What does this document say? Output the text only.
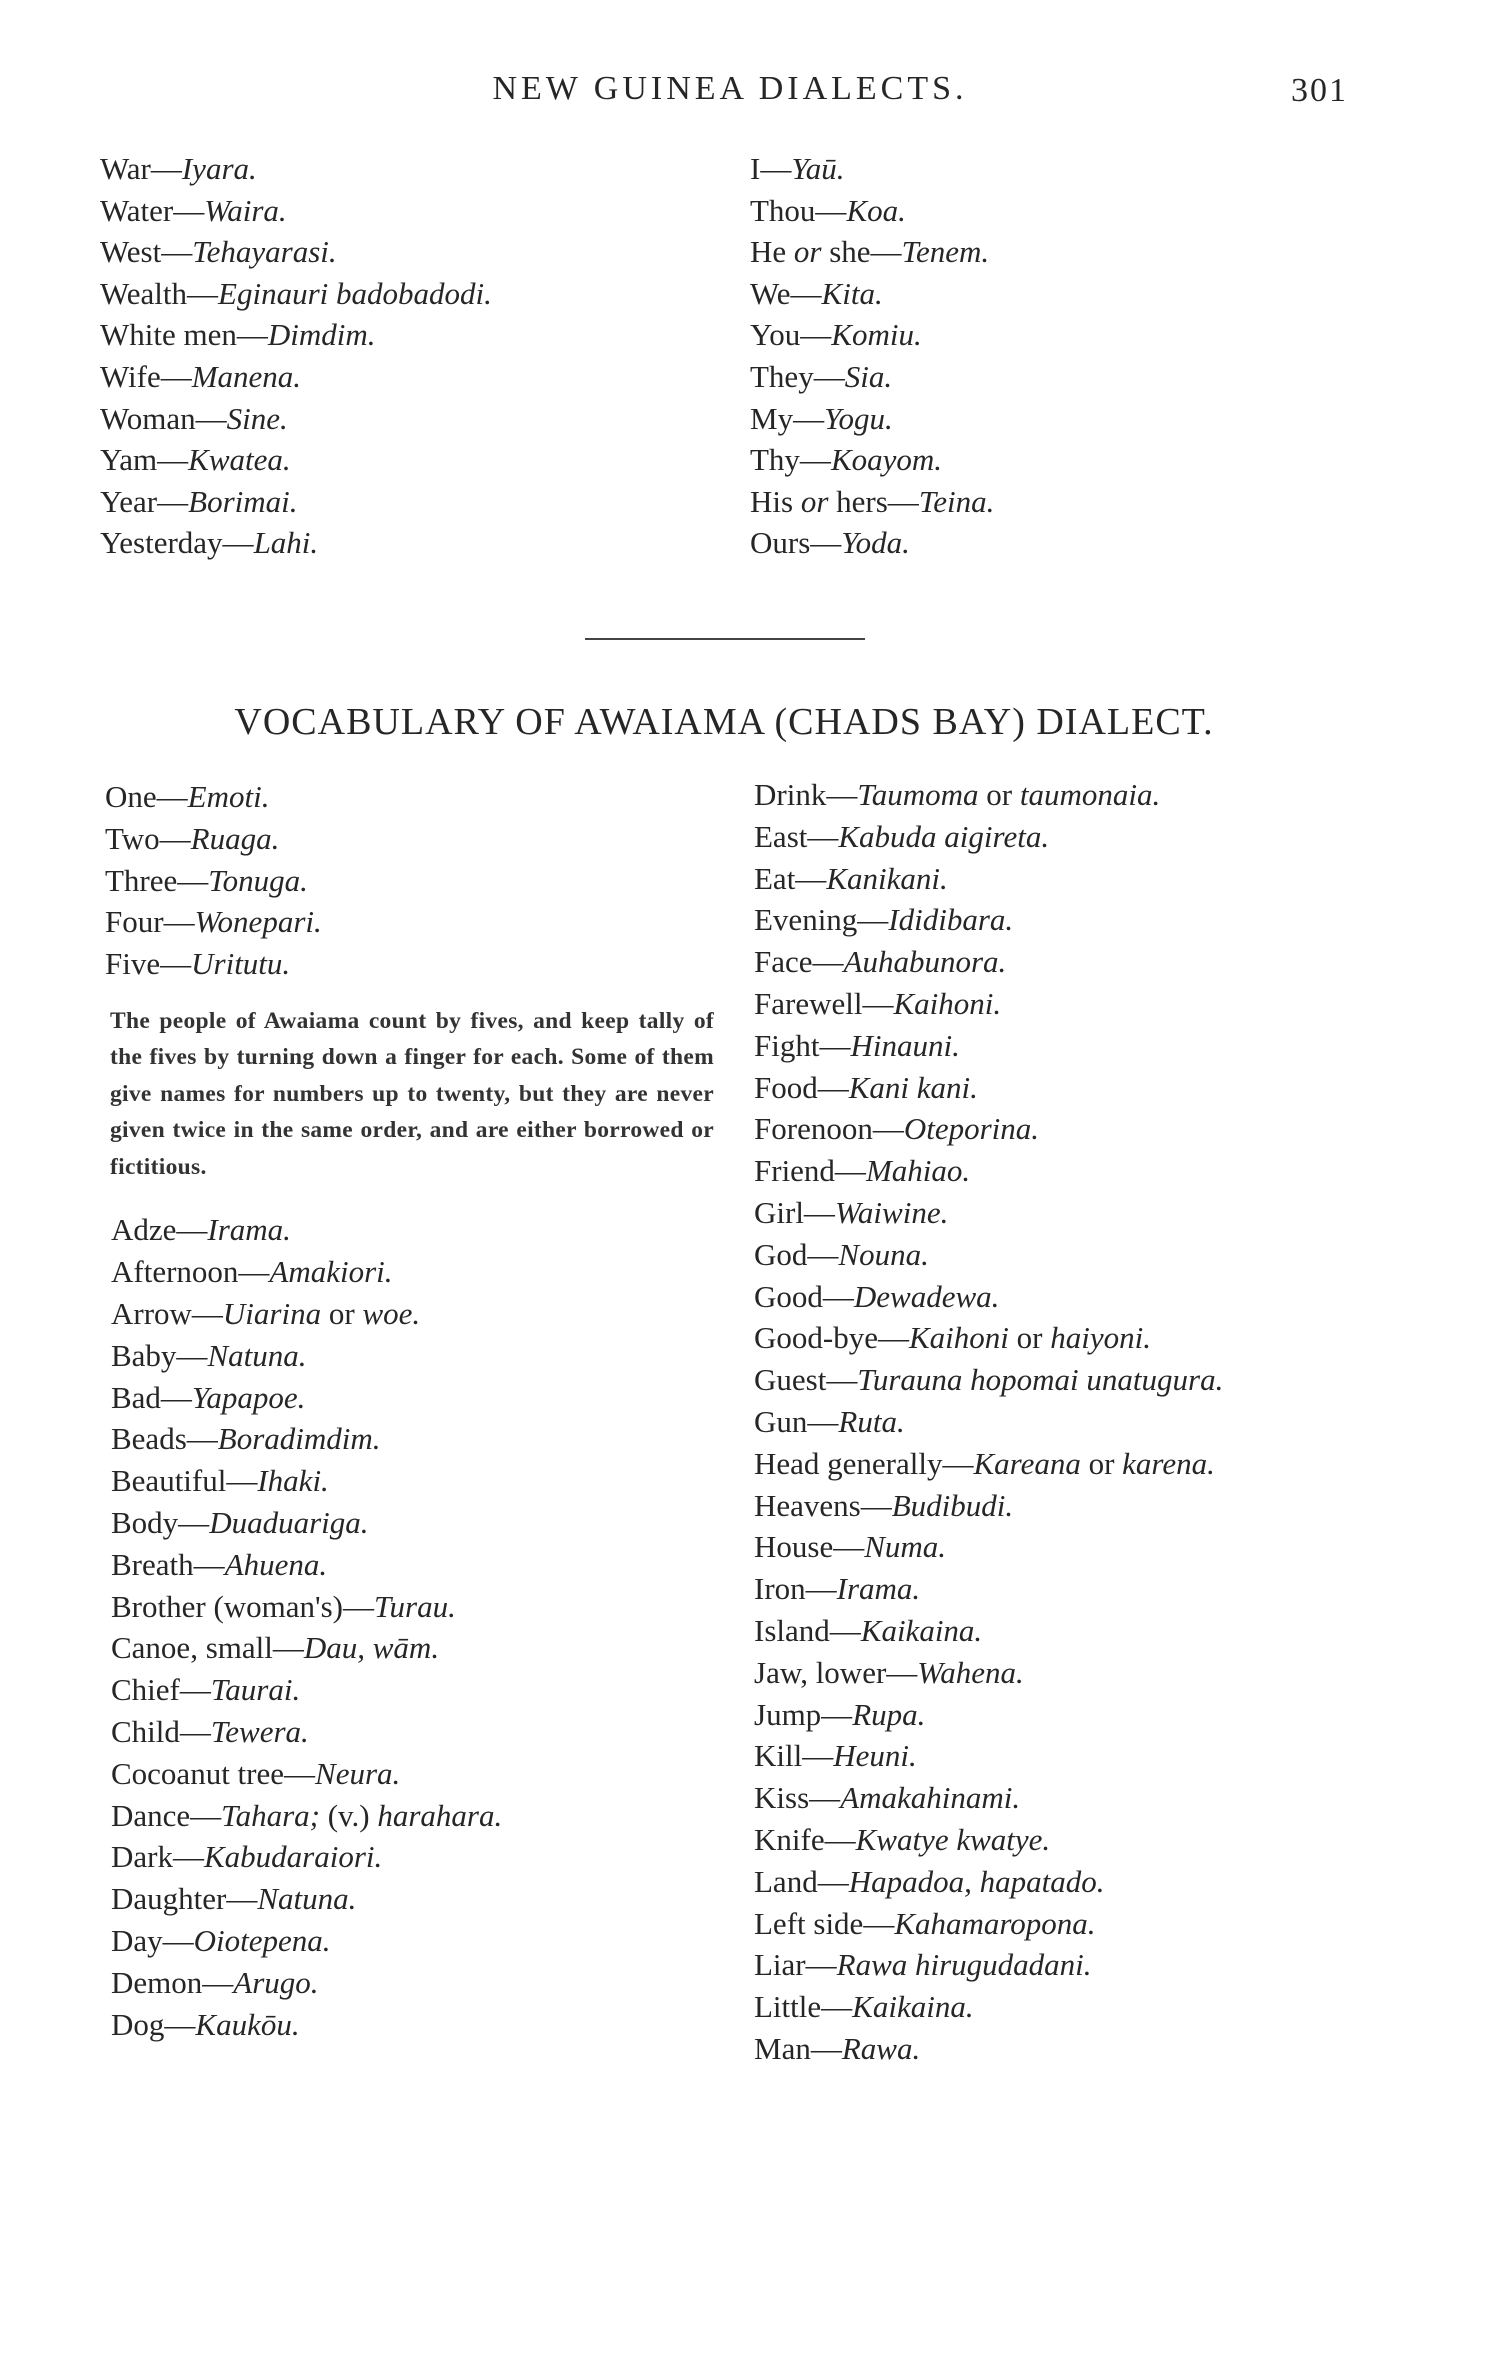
NEW GUINEA DIALECTS.	301
War—Iyara.
Water—Waira.
West—Tehayarasi.
Wealth—Eginauri badobadodi.
White men—Dimdim.
Wife—Manena.
Woman—Sine.
Yam—Kwatea.
Year—Borimai.
Yesterday—Lahi.
I—Yaū.
Thou—Koa.
He or she—Tenem.
We—Kita.
You—Komiu.
They—Sia.
My—Yogu.
Thy—Koayom.
His or hers—Teina.
Ours—Yoda.
VOCABULARY OF AWAIAMA (CHADS BAY) DIALECT.
One—Emoti.
Two—Ruaga.
Three—Tonuga.
Four—Wonepari.
Five—Uritutu.

The people of Awaiama count by fives, and keep tally of the fives by turning down a finger for each. Some of them give names for numbers up to twenty, but they are never given twice in the same order, and are either borrowed or fictitious.

Adze—Irama.
Afternoon—Amakiori.
Arrow—Uiarina or woe.
Baby—Natuna.
Bad—Yapapoe.
Beads—Boradimdim.
Beautiful—Ihaki.
Body—Duaduariga.
Breath—Ahuena.
Brother (woman's)—Turau.
Canoe, small—Dau, wām.
Chief—Taurai.
Child—Tewera.
Cocoanut tree—Neura.
Dance—Tahara; (v.) harahara.
Dark—Kabudaraiori.
Daughter—Natuna.
Day—Oiotepena.
Demon—Arugo.
Dog—Kaukōu.
Drink—Taumoma or taumonaia.
East—Kabuda aigireta.
Eat—Kanikani.
Evening—Ididibara.
Face—Auhabunora.
Farewell—Kaihoni.
Fight—Hinauni.
Food—Kani kani.
Forenoon—Oteporina.
Friend—Mahiao.
Girl—Waiwine.
God—Nouna.
Good—Dewadewa.
Good-bye—Kaihoni or haiyoni.
Guest—Turauna hopomai unatugura.
Gun—Ruta.
Head generally—Kareana or karena.
Heavens—Budibudi.
House—Numa.
Iron—Irama.
Island—Kaikaina.
Jaw, lower—Wahena.
Jump—Rupa.
Kill—Heuni.
Kiss—Amakahinami.
Knife—Kwatye kwatye.
Land—Hapadoa, hapatado.
Left side—Kahamaropona.
Liar—Rawa hirugudadani.
Little—Kaikaina.
Man—Rawa.
